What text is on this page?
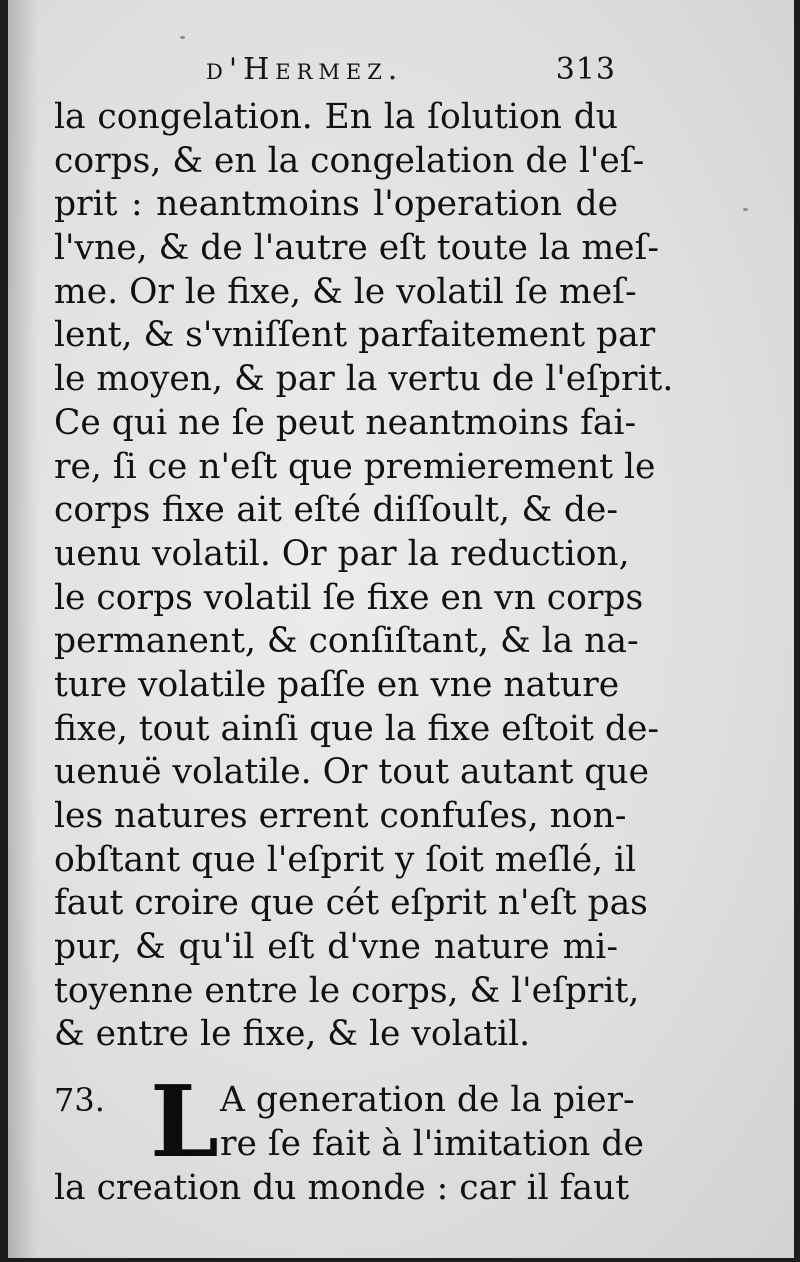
d'Hermez.	313
la congelation. En la ſolution du
corps, & en la congelation de l'eſ-
prit : neantmoins l'operation de
l'vne, & de l'autre eſt toute la meſ-
me. Or le fixe, & le volatil ſe meſ-
lent, & s'vniſſent parfaitement par
le moyen, & par la vertu de l'eſprit.
Ce qui ne ſe peut neantmoins fai-
re, ſi ce n'eſt que premierement le
corps fixe ait eſté diſſoult, & de-
uenu volatil. Or par la reduction,
le corps volatil ſe fixe en vn corps
permanent, & conſiſtant, & la na-
ture volatile paſſe en vne nature
fixe, tout ainſi que la fixe eſtoit de-
uenuë volatile. Or tout autant que
les natures errent confuſes, non-
obſtant que l'eſprit y ſoit meſlé, il
faut croire que cét eſprit n'eſt pas
pur, & qu'il eſt d'vne nature mi-
toyenne entre le corps, & l'eſprit,
& entre le fixe, & le volatil.
73. L A generation de la pier-
re ſe fait à l'imitation de
la creation du monde : car il faut
